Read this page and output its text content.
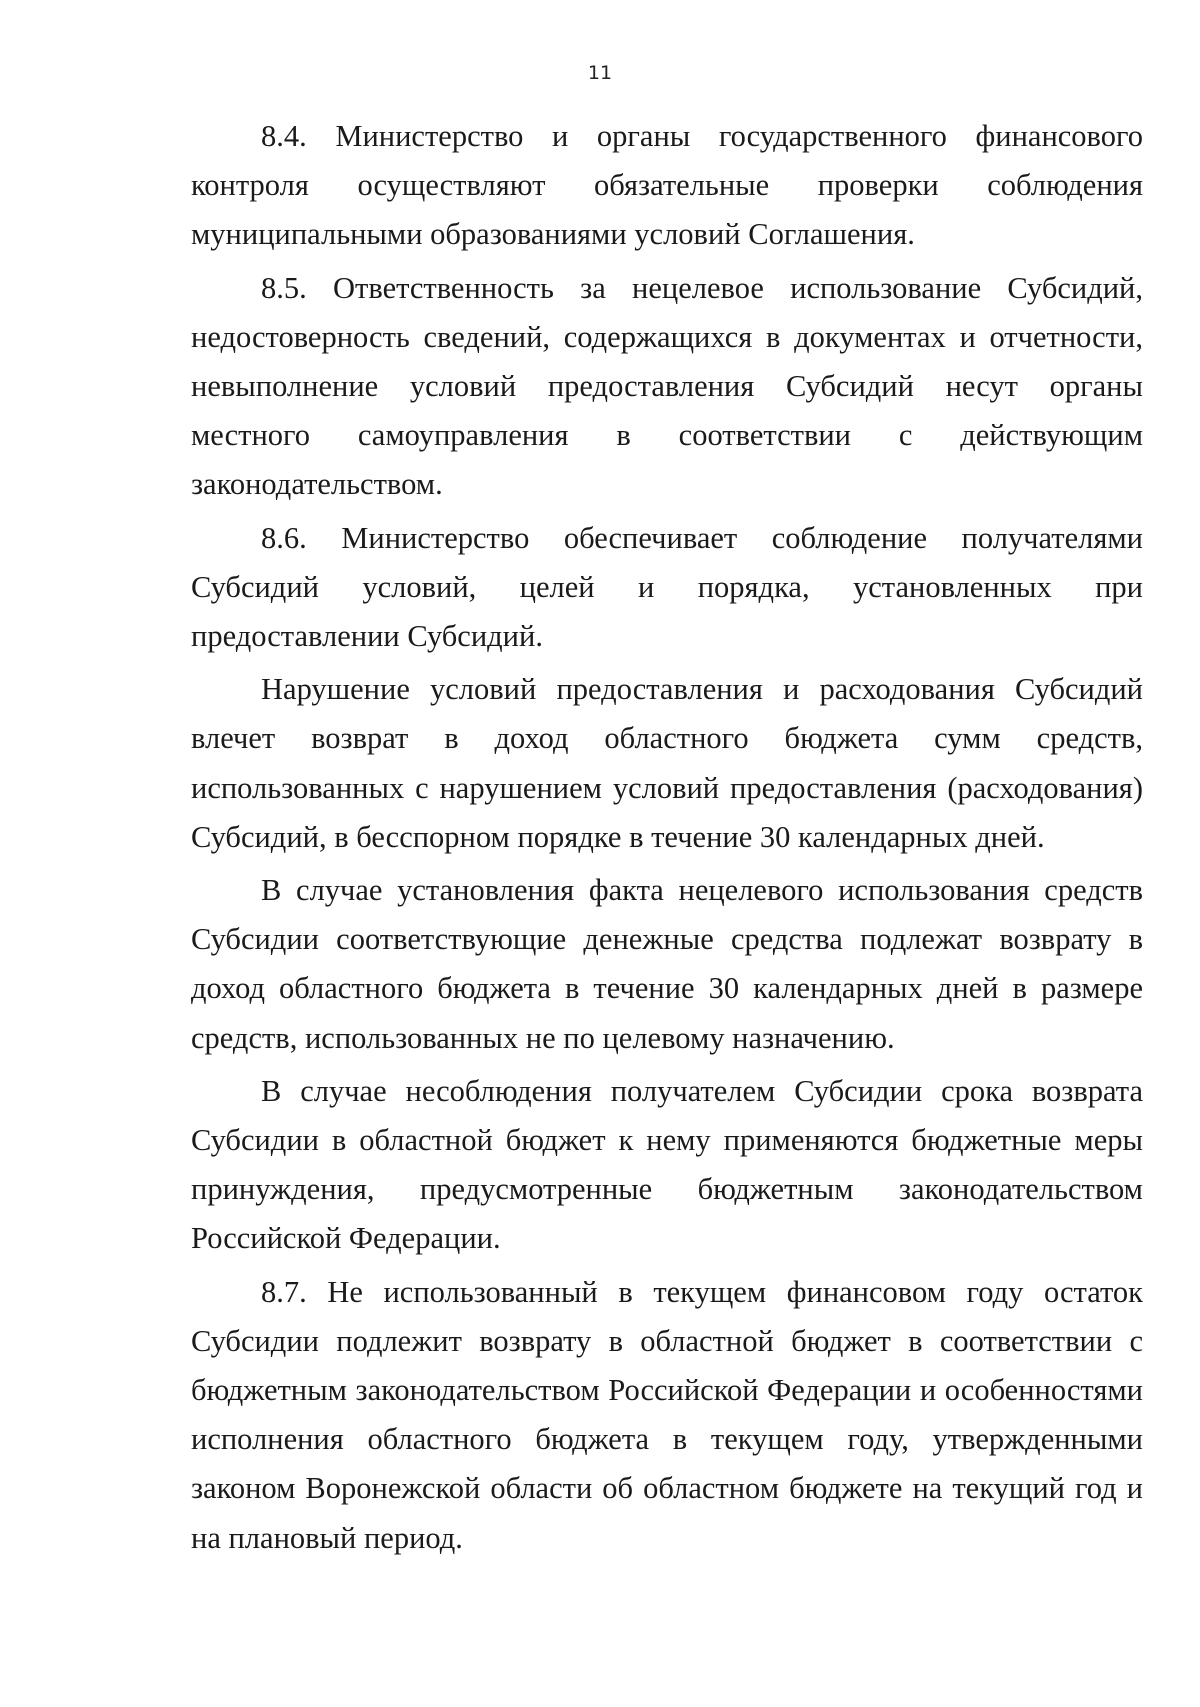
11

8.4. Министерство и органы государственного финансового контроля осуществляют обязательные проверки соблюдения муниципальными образованиями условий Соглашения.

8.5. Ответственность за нецелевое использование Субсидий, недостоверность сведений, содержащихся в документах и отчетности, невыполнение условий предоставления Субсидий несут органы местного самоуправления в соответствии с действующим законодательством.

8.6. Министерство обеспечивает соблюдение получателями Субсидий условий, целей и порядка, установленных при предоставлении Субсидий.

Нарушение условий предоставления и расходования Субсидий влечет возврат в доход областного бюджета сумм средств, использованных с нарушением условий предоставления (расходования) Субсидий, в бесспорном порядке в течение 30 календарных дней.

В случае установления факта нецелевого использования средств Субсидии соответствующие денежные средства подлежат возврату в доход областного бюджета в течение 30 календарных дней в размере средств, использованных не по целевому назначению.

В случае несоблюдения получателем Субсидии срока возврата Субсидии в областной бюджет к нему применяются бюджетные меры принуждения, предусмотренные бюджетным законодательством Российской Федерации.

8.7. Не использованный в текущем финансовом году остаток Субсидии подлежит возврату в областной бюджет в соответствии с бюджетным законодательством Российской Федерации и особенностями исполнения областного бюджета в текущем году, утвержденными законом Воронежской области об областном бюджете на текущий год и на плановый период.
